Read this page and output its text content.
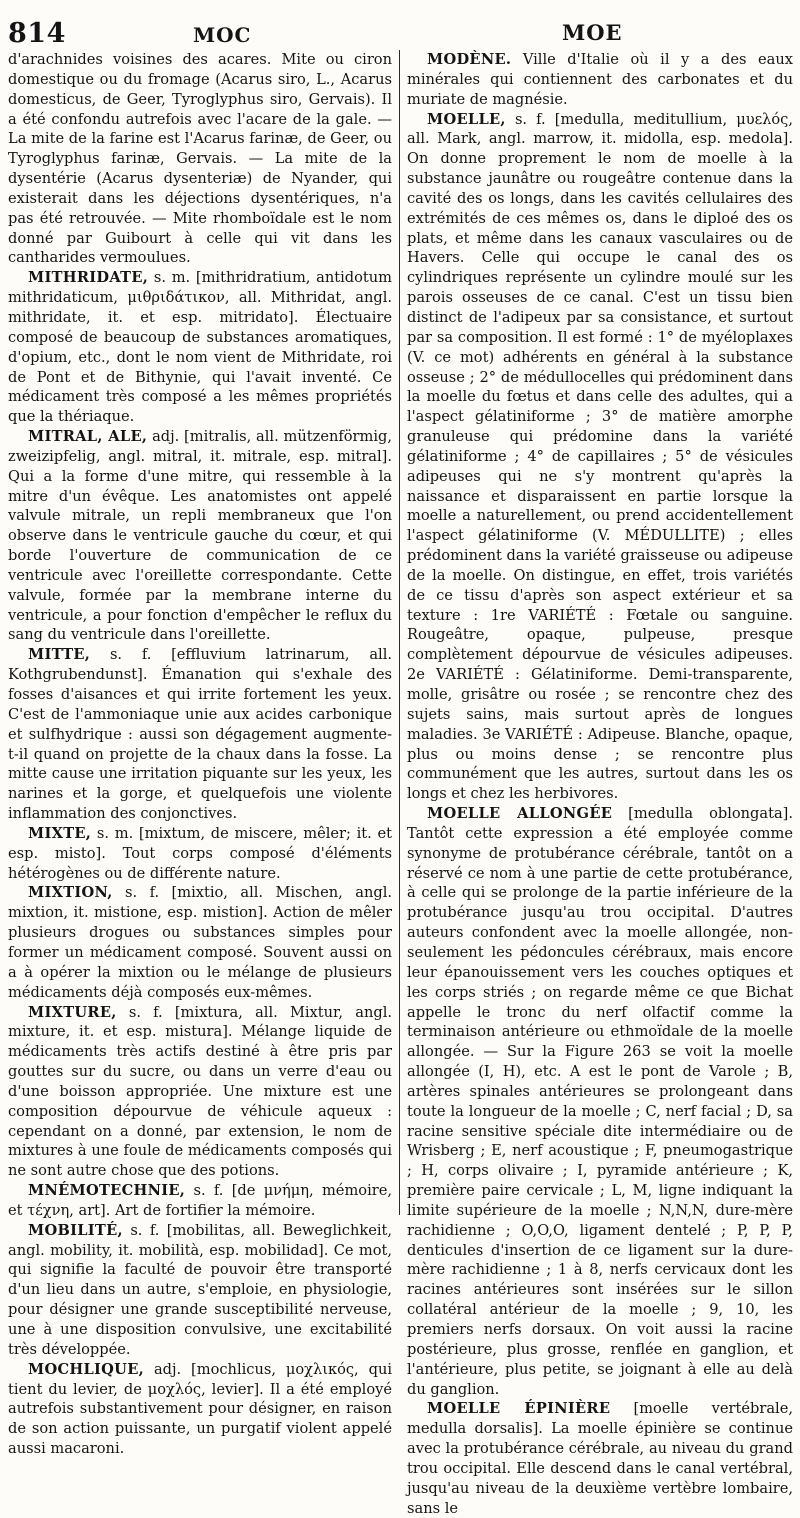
814	MOC	MOE

d'arachnides voisines des acares. Mite ou ciron domestique ou du fromage (Acarus siro, L., Acarus domesticus, de Geer, Tyroglyphus siro, Gervais). Il a été confondu autrefois avec l'acare de la gale. — La mite de la farine est l'Acarus farinæ, de Geer, ou Tyroglyphus farinæ, Gervais. — La mite de la dysentérie (Acarus dysenteriæ) de Nyander, qui existerait dans les déjections dysentériques, n'a pas été retrouvée. — Mite rhomboïdale est le nom donné par Guibourt à celle qui vit dans les cantharides vermoulues.

MITHRIDATE, s. m. [mithridratium, antidotum mithridaticum, μιθριδάτικον, all. Mithridat, angl. mithridate, it. et esp. mitridato]. Électuaire composé de beaucoup de substances aromatiques, d'opium, etc., dont le nom vient de Mithridate, roi de Pont et de Bithynie, qui l'avait inventé. Ce médicament très composé a les mêmes propriétés que la thériaque.

MITRAL, ALE, adj. [mitralis, all. mützenförmig, zweizipfelig, angl. mitral, it. mitrale, esp. mitral]. Qui a la forme d'une mitre, qui ressemble à la mitre d'un évêque. Les anatomistes ont appelé valvule mitrale, un repli membraneux que l'on observe dans le ventricule gauche du cœur, et qui borde l'ouverture de communication de ce ventricule avec l'oreillette correspondante. Cette valvule, formée par la membrane interne du ventricule, a pour fonction d'empêcher le reflux du sang du ventricule dans l'oreillette.

MITTE, s. f. [effluvium latrinarum, all. Kothgrubendunst]. Émanation qui s'exhale des fosses d'aisances et qui irrite fortement les yeux. C'est de l'ammoniaque unie aux acides carbonique et sulfhydrique : aussi son dégagement augmente-t-il quand on projette de la chaux dans la fosse. La mitte cause une irritation piquante sur les yeux, les narines et la gorge, et quelquefois une violente inflammation des conjonctives.

MIXTE, s. m. [mixtum, de miscere, mêler; it. et esp. misto]. Tout corps composé d'éléments hétérogènes ou de différente nature.

MIXTION, s. f. [mixtio, all. Mischen, angl. mixtion, it. mistione, esp. mistion]. Action de mêler plusieurs drogues ou substances simples pour former un médicament composé. Souvent aussi on a à opérer la mixtion ou le mélange de plusieurs médicaments déjà composés eux-mêmes.

MIXTURE, s. f. [mixtura, all. Mixtur, angl. mixture, it. et esp. mistura]. Mélange liquide de médicaments très actifs destiné à être pris par gouttes sur du sucre, ou dans un verre d'eau ou d'une boisson appropriée. Une mixture est une composition dépourvue de véhicule aqueux : cependant on a donné, par extension, le nom de mixtures à une foule de médicaments composés qui ne sont autre chose que des potions.

MNÉMOTECHNIE, s. f. [de μνήμη, mémoire, et τέχνη, art]. Art de fortifier la mémoire.

MOBILITÉ, s. f. [mobilitas, all. Beweglichkeit, angl. mobility, it. mobilità, esp. mobilidad]. Ce mot, qui signifie la faculté de pouvoir être transporté d'un lieu dans un autre, s'emploie, en physiologie, pour désigner une grande susceptibilité nerveuse, une à une disposition convulsive, une excitabilité très développée.

MOCHLIQUE, adj. [mochlicus, μοχλικός, qui tient du levier, de μοχλός, levier]. Il a été employé autrefois substantivement pour désigner, en raison de son action puissante, un purgatif violent appelé aussi macaroni.

MODÈNE. Ville d'Italie où il y a des eaux minérales qui contiennent des carbonates et du muriate de magnésie.

MOELLE, s. f. [medulla, meditullium, μυελός, all. Mark, angl. marrow, it. midolla, esp. medola]. On donne proprement le nom de moelle à la substance jaunâtre ou rougeâtre contenue dans la cavité des os longs, dans les cavités cellulaires des extrémités de ces mêmes os, dans le diploé des os plats, et même dans les canaux vasculaires ou de Havers. Celle qui occupe le canal des os cylindriques représente un cylindre moulé sur les parois osseuses de ce canal. C'est un tissu bien distinct de l'adipeux par sa consistance, et surtout par sa composition. Il est formé : 1° de myéloplaxes (V. ce mot) adhérents en général à la substance osseuse ; 2° de médullocelles qui prédominent dans la moelle du fœtus et dans celle des adultes, qui a l'aspect gélatiniforme ; 3° de matière amorphe granuleuse qui prédomine dans la variété gélatiniforme ; 4° de capillaires ; 5° de vésicules adipeuses qui ne s'y montrent qu'après la naissance et disparaissent en partie lorsque la moelle a naturellement, ou prend accidentellement l'aspect gélatiniforme (V. MÉDULLITE) ; elles prédominent dans la variété graisseuse ou adipeuse de la moelle. On distingue, en effet, trois variétés de ce tissu d'après son aspect extérieur et sa texture : 1re VARIÉTÉ : Fœtale ou sanguine. Rougeâtre, opaque, pulpeuse, presque complètement dépourvue de vésicules adipeuses. 2e VARIÉTÉ : Gélatiniforme. Demi-transparente, molle, grisâtre ou rosée ; se rencontre chez des sujets sains, mais surtout après de longues maladies. 3e VARIÉTÉ : Adipeuse. Blanche, opaque, plus ou moins dense ; se rencontre plus communément que les autres, surtout dans les os longs et chez les herbivores.

MOELLE ALLONGÉE [medulla oblongata]. Tantôt cette expression a été employée comme synonyme de protubérance cérébrale, tantôt on a réservé ce nom à une partie de cette protubérance, à celle qui se prolonge de la partie inférieure de la protubérance jusqu'au trou occipital. D'autres auteurs confondent avec la moelle allongée, non-seulement les pédoncules cérébraux, mais encore leur épanouissement vers les couches optiques et les corps striés ; on regarde même ce que Bichat appelle le tronc du nerf olfactif comme la terminaison antérieure ou ethmoïdale de la moelle allongée. — Sur la Figure 263 se voit la moelle allongée (I, H), etc. A est le pont de Varole ; B, artères spinales antérieures se prolongeant dans toute la longueur de la moelle ; C, nerf facial ; D, sa racine sensitive spéciale dite intermédiaire ou de Wrisberg ; E, nerf acoustique ; F, pneumogastrique ; H, corps olivaire ; I, pyramide antérieure ; K, première paire cervicale ; L, M, ligne indiquant la limite supérieure de la moelle ; N,N,N, dure-mère rachidienne ; O,O,O, ligament dentelé ; P, P, P, denticules d'insertion de ce ligament sur la dure-mère rachidienne ; 1 à 8, nerfs cervicaux dont les racines antérieures sont insérées sur le sillon collatéral antérieur de la moelle ; 9, 10, les premiers nerfs dorsaux. On voit aussi la racine postérieure, plus grosse, renflée en ganglion, et l'antérieure, plus petite, se joignant à elle au delà du ganglion.

MOELLE ÉPINIÈRE [moelle vertébrale, medulla dorsalis]. La moelle épinière se continue avec la protubérance cérébrale, au niveau du grand trou occipital. Elle descend dans le canal vertébral, jusqu'au niveau de la deuxième vertèbre lombaire, sans le
